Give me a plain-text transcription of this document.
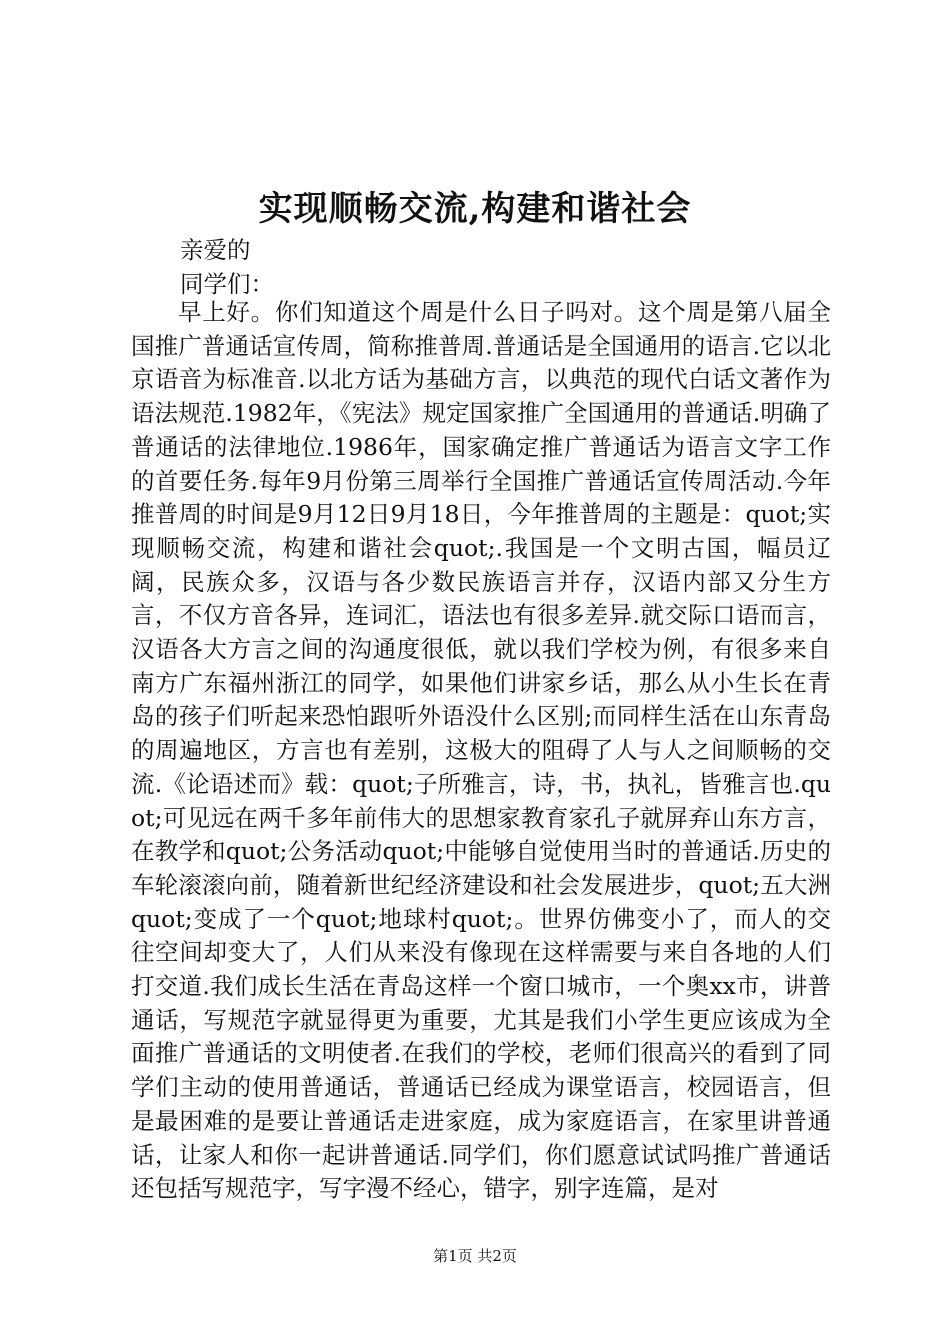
实现顺畅交流,构建和谐社会
亲爱的
同学们：

早上好。你们知道这个周是什么日子吗对。这个周是第八届全国推广普通话宣传周，简称推普周.普通话是全国通用的语言.它以北京语音为标准音.以北方话为基础方言，以典范的现代白话文著作为语法规范.1982年，《宪法》规定国家推广全国通用的普通话.明确了普通话的法律地位.1986年，国家确定推广普通话为语言文字工作的首要任务.每年9月份第三周举行全国推广普通话宣传周活动.今年推普周的时间是9月12日9月18日，今年推普周的主题是：quot;实现顺畅交流，构建和谐社会quot;.我国是一个文明古国，幅员辽阔，民族众多，汉语与各少数民族语言并存，汉语内部又分生方言，不仅方音各异，连词汇，语法也有很多差异.就交际口语而言，汉语各大方言之间的沟通度很低，就以我们学校为例，有很多来自南方广东福州浙江的同学，如果他们讲家乡话，那么从小生长在青岛的孩子们听起来恐怕跟听外语没什么区别;而同样生活在山东青岛的周遍地区，方言也有差别，这极大的阻碍了人与人之间顺畅的交流.《论语述而》载：quot;子所雅言，诗，书，执礼，皆雅言也.quot;可见远在两千多年前伟大的思想家教育家孔子就屏弃山东方言，在教学和quot;公务活动quot;中能够自觉使用当时的普通话.历史的车轮滚滚向前，随着新世纪经济建设和社会发展进步，quot;五大洲quot;变成了一个quot;地球村quot;。世界仿佛变小了，而人的交往空间却变大了，人们从来没有像现在这样需要与来自各地的人们打交道.我们成长生活在青岛这样一个窗口城市，一个奥xx市，讲普通话，写规范字就显得更为重要，尤其是我们小学生更应该成为全面推广普通话的文明使者.在我们的学校，老师们很高兴的看到了同学们主动的使用普通话，普通话已经成为课堂语言，校园语言，但是最困难的是要让普通话走进家庭，成为家庭语言，在家里讲普通话，让家人和你一起讲普通话.同学们，你们愿意试试吗推广普通话还包括写规范字，写字漫不经心，错字，别字连篇，是对

第1页 共2页
